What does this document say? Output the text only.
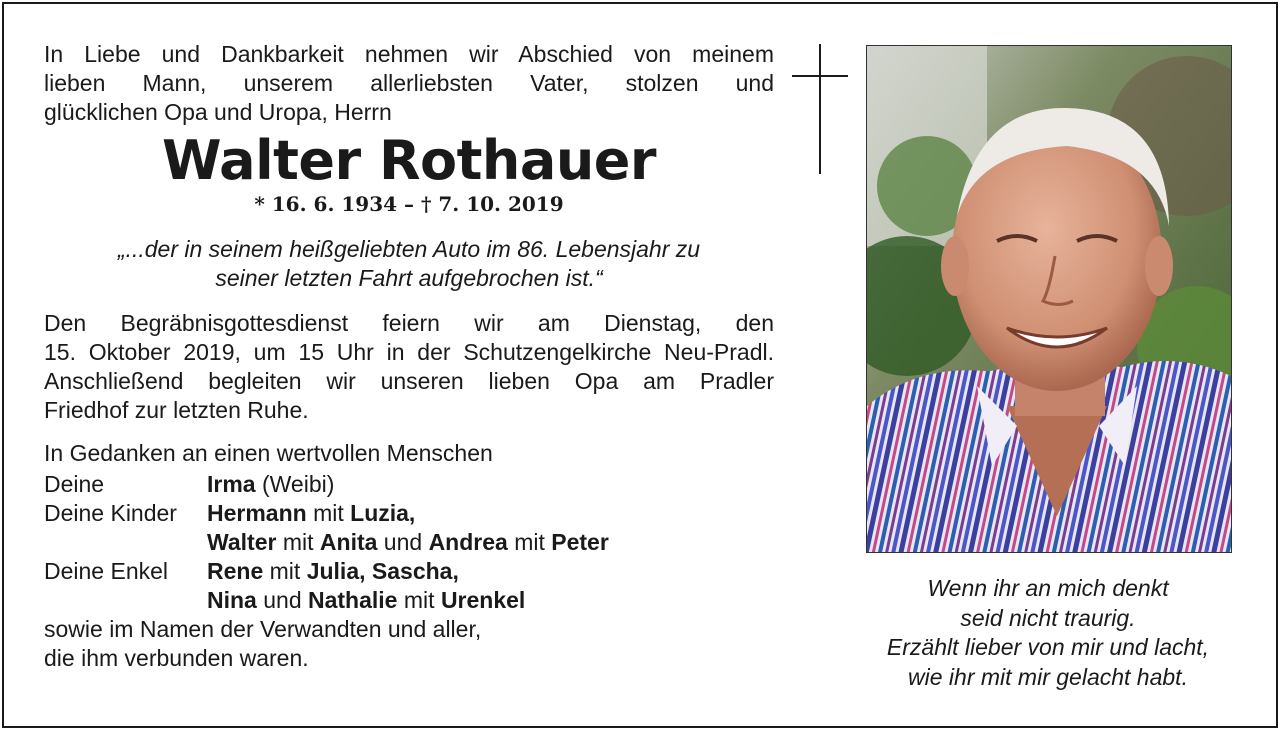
In Liebe und Dankbarkeit nehmen wir Abschied von meinem
lieben Mann, unserem allerliebsten Vater, stolzen und
glücklichen Opa und Uropa, Herrn
Walter Rothauer
* 16. 6. 1934 – † 7. 10. 2019
„...der in seinem heißgeliebten Auto im 86. Lebensjahr zu
seiner letzten Fahrt aufgebrochen ist.“
Den Begräbnisgottesdienst feiern wir am Dienstag, den
15. Oktober 2019, um 15 Uhr in der Schutzengelkirche Neu-Pradl.
Anschließend begleiten wir unseren lieben Opa am Pradler
Friedhof zur letzten Ruhe.
In Gedanken an einen wertvollen Menschen
Deine	Irma (Weibi)
Deine Kinder	Hermann mit Luzia,
Walter mit Anita und Andrea mit Peter
Deine Enkel	Rene mit Julia, Sascha,
Nina und Nathalie mit Urenkel
sowie im Namen der Verwandten und aller,
die ihm verbunden waren.
Wenn ihr an mich denkt
seid nicht traurig.
Erzählt lieber von mir und lacht,
wie ihr mit mir gelacht habt.
